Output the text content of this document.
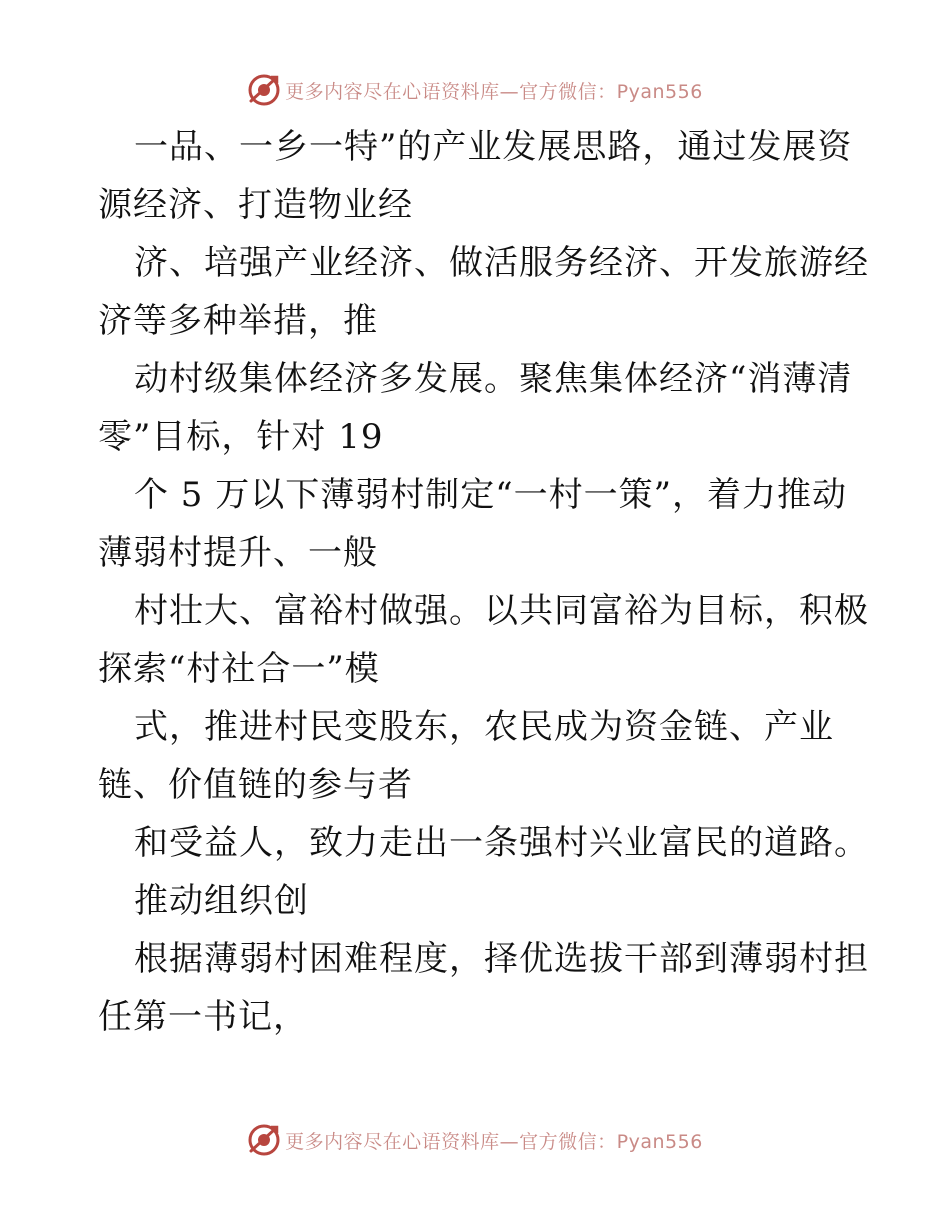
更多内容尽在心语资料库—官方微信：Pyan556
一品、一乡一特”的产业发展思路，通过发展资
源经济、打造物业经
济、培强产业经济、做活服务经济、开发旅游经
济等多种举措，推
动村级集体经济多发展。聚焦集体经济“消薄清
零”目标，针对 19
个 5 万以下薄弱村制定“一村一策”，着力推动
薄弱村提升、一般
村壮大、富裕村做强。以共同富裕为目标，积极
探索“村社合一”模
式，推进村民变股东，农民成为资金链、产业
链、价值链的参与者
和受益人，致力走出一条强村兴业富民的道路。
推动组织创
根据薄弱村困难程度，择优选拔干部到薄弱村担
任第一书记，
更多内容尽在心语资料库—官方微信：Pyan556
